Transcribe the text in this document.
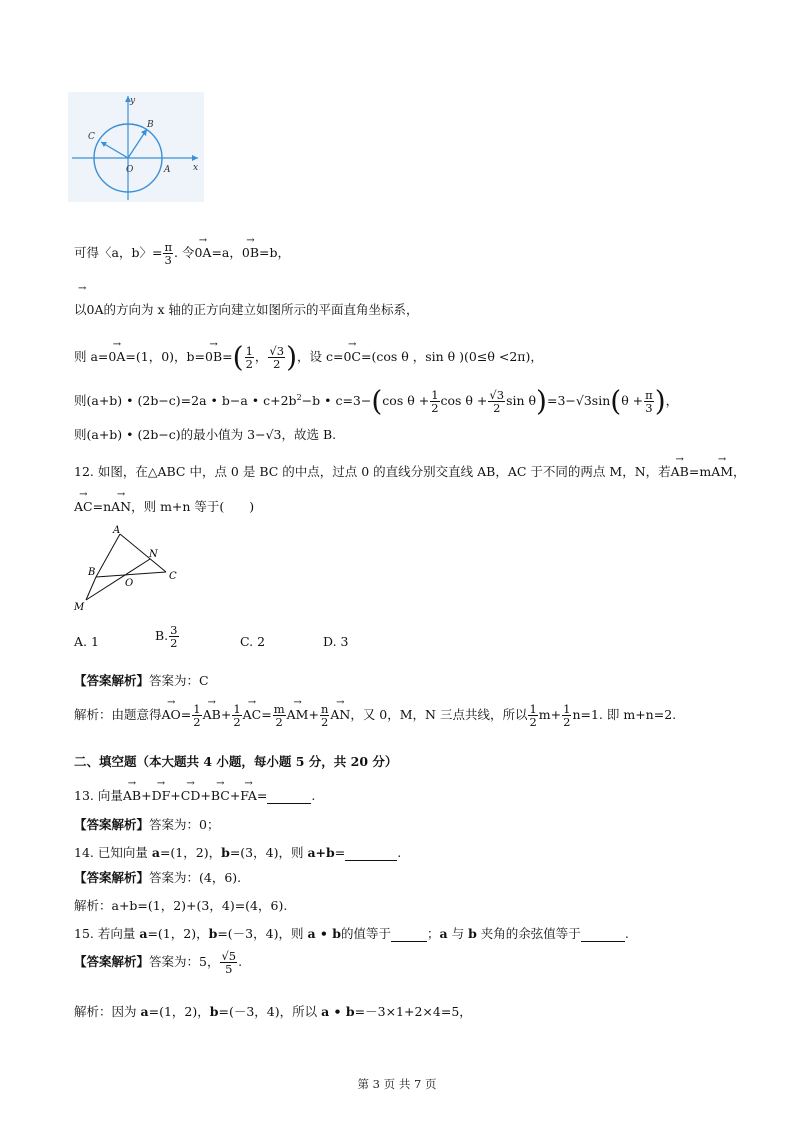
y
x
O	A
B
C
可得〈a，b〉= $\frac{\pi}{3}$ . 令→ 0A=a，→ 0B=b，
→
以0A的方向为 x 轴的正方向建立如图所示的平面直角坐标系，
则 a=→ 0A=(1，0)，$b=\to 0B=( \frac{1}{2}$ ， $\frac{√3}{2}$ )，设 c=→ 0C=(cos θ ，sin θ )(0≤θ <2π)，
则(a+b) • (2b−c)=2a • b−a • $c+2b^2-b$ • c=3−(cos $\theta + \frac{1}{2}$ $\cos \theta + \frac{√3}{2}$ $\sin \theta)=3-√3\sin(\theta + \frac{\pi}{3}$ )，
则(a+b) • (2b−c)的最小值为 3−√3，故选 B.
12. 如图，在△ABC 中，点 0 是 BC 的中点，过点 0 的直线分别交直线 AB，AC 于不同的两点 M，N，若→ AB=m→ AM，
→ AC=n→ AN，则 m+n 等于(　　)
A
B
N
O
C
M
A. 1	B. $\frac{3}{2}$	C. 2	D. 3
【答案解析】答案为：C
解析：由题意得→ $AO= \frac{1}{2}$
→ $AB+ \frac{1}{2}$
→ $AC= \frac{m}{2}$
→ $AM+ \frac{n}{2}$
→ AN，又 0，M，N 三点共线，所以 $\frac{1}{2} m+ \frac{1}{2} n=1$. 即 m+n=2.
二、填空题（本大题共 4 小题，每小题 5 分，共 20 分）
13. 向量→ AB+→ DF+→ CD+→ BC+→ FA=	.
【答案解析】答案为：0；
14. 已知向量 a=(1，2)，b=(3，4)，则 a+b=	.
【答案解析】答案为：(4，6).
解析：a+b=(1，2)+(3，4)=(4，6).
15. 若向量 a=(1，2)，b=(－3，4)，则 a • b的值等于	；a 与 b 夹角的余弦值等于	.
【答案解析】答案为：5， $\frac{√5}{5}$ .
解析：因为 a=(1，2)，b=(－3，4)，所以 a • b=－3×1+2×4=5，
第 3 页 共 7 页
